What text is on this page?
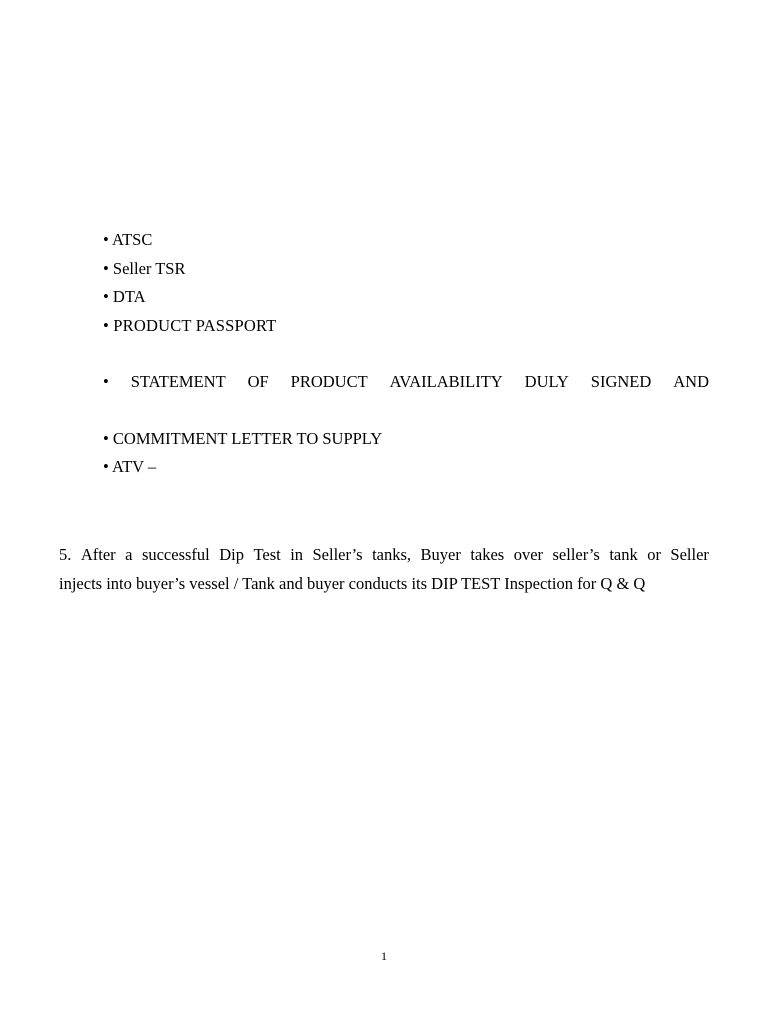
• ATSC
• Seller TSR
• DTA
• PRODUCT PASSPORT
• STATEMENT OF PRODUCT AVAILABILITY DULY SIGNED AND
• COMMITMENT LETTER TO SUPPLY
• ATV –
5. After a successful Dip Test in Seller’s tanks, Buyer takes over seller’s tank or Seller
injects into buyer’s vessel / Tank and buyer conducts its DIP TEST Inspection for Q & Q
1
